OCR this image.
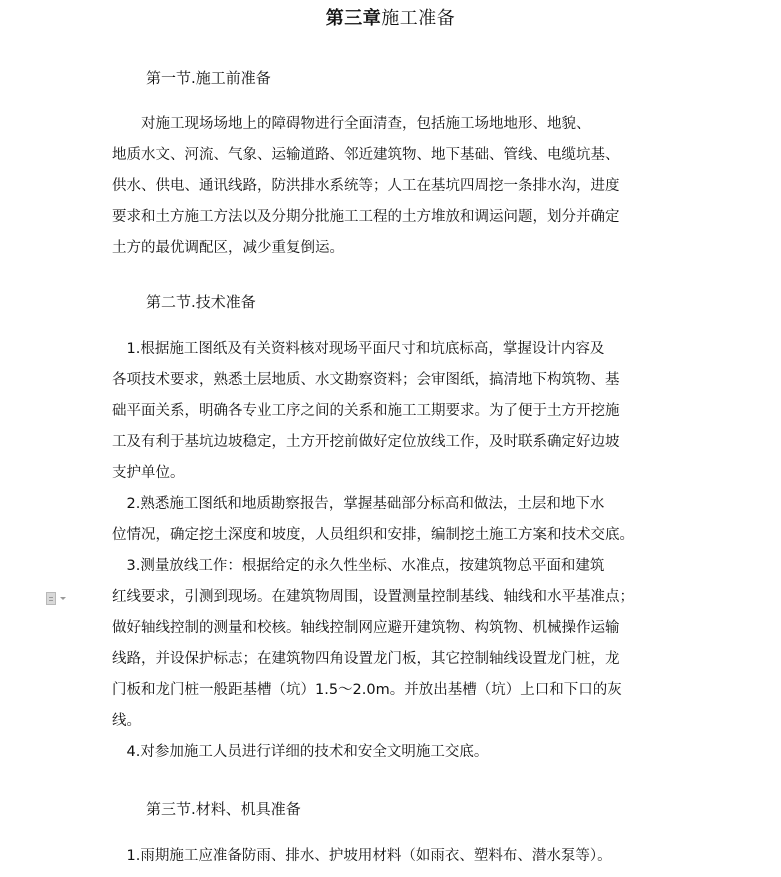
第三章施工准备
第一节.施工前准备
　　对施工现场场地上的障碍物进行全面清查，包括施工场地地形、地貌、
地质水文、河流、气象、运输道路、邻近建筑物、地下基础、管线、电缆坑基、
供水、供电、通讯线路，防洪排水系统等；人工在基坑四周挖一条排水沟，进度
要求和土方施工方法以及分期分批施工工程的土方堆放和调运问题，划分并确定
土方的最优调配区，减少重复倒运。
第二节.技术准备
　1.根据施工图纸及有关资料核对现场平面尺寸和坑底标高，掌握设计内容及
各项技术要求，熟悉土层地质、水文勘察资料；会审图纸，搞清地下构筑物、基
础平面关系，明确各专业工序之间的关系和施工工期要求。为了便于土方开挖施
工及有利于基坑边坡稳定，土方开挖前做好定位放线工作，及时联系确定好边坡
支护单位。
　2.熟悉施工图纸和地质勘察报告，掌握基础部分标高和做法，土层和地下水
位情况，确定挖土深度和坡度，人员组织和安排，编制挖土施工方案和技术交底。
　3.测量放线工作：根据给定的永久性坐标、水准点，按建筑物总平面和建筑
红线要求，引测到现场。在建筑物周围，设置测量控制基线、轴线和水平基准点；
做好轴线控制的测量和校核。轴线控制网应避开建筑物、构筑物、机械操作运输
线路，并设保护标志；在建筑物四角设置龙门板，其它控制轴线设置龙门桩，龙
门板和龙门桩一般距基槽（坑）1.5～2.0m。并放出基槽（坑）上口和下口的灰
线。
　4.对参加施工人员进行详细的技术和安全文明施工交底。
第三节.材料、机具准备
　1.雨期施工应准备防雨、排水、护坡用材料（如雨衣、塑料布、潜水泵等）。
